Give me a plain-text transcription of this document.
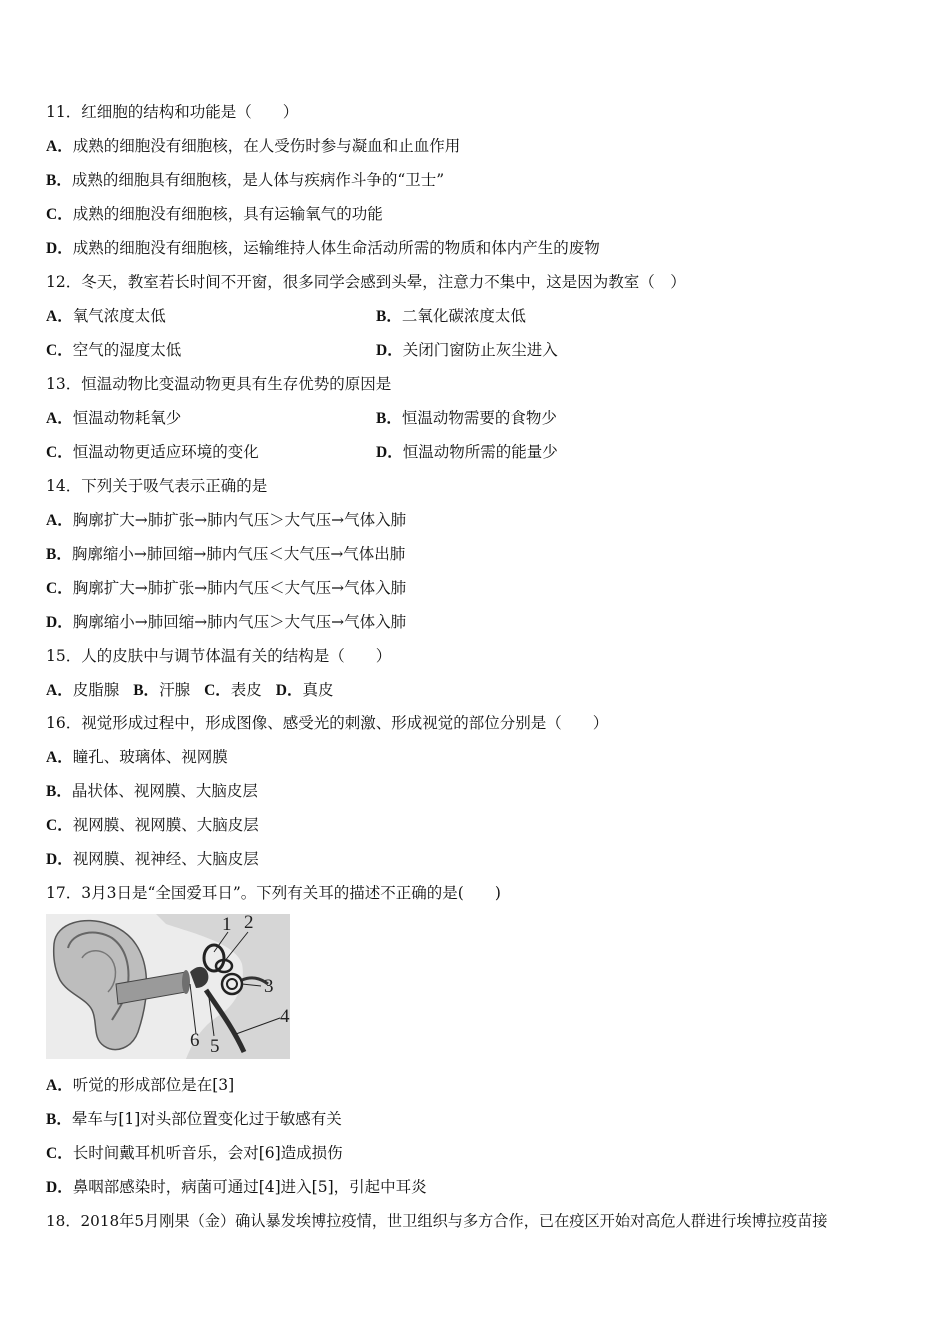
11．红细胞的结构和功能是（　　）
A．成熟的细胞没有细胞核，在人受伤时参与凝血和止血作用
B．成熟的细胞具有细胞核，是人体与疾病作斗争的“卫士”
C．成熟的细胞没有细胞核，具有运输氧气的功能
D．成熟的细胞没有细胞核，运输维持人体生命活动所需的物质和体内产生的废物
12．冬天，教室若长时间不开窗，很多同学会感到头晕，注意力不集中，这是因为教室（　）
A．氧气浓度太低	B．二氧化碳浓度太低
C．空气的湿度太低	D．关闭门窗防止灰尘进入
13．恒温动物比变温动物更具有生存优势的原因是
A．恒温动物耗氧少	B．恒温动物需要的食物少
C．恒温动物更适应环境的变化	D．恒温动物所需的能量少
14．下列关于吸气表示正确的是
A．胸廓扩大→肺扩张→肺内气压＞大气压→气体入肺
B．胸廓缩小→肺回缩→肺内气压＜大气压→气体出肺
C．胸廓扩大→肺扩张→肺内气压＜大气压→气体入肺
D．胸廓缩小→肺回缩→肺内气压＞大气压→气体入肺
15．人的皮肤中与调节体温有关的结构是（　　）
A．皮脂腺 B．汗腺 C．表皮 D．真皮
16．视觉形成过程中，形成图像、感受光的刺激、形成视觉的部位分别是（　　）
A．瞳孔、玻璃体、视网膜
B．晶状体、视网膜、大脑皮层
C．视网膜、视网膜、大脑皮层
D．视网膜、视神经、大脑皮层
17．3月3日是“全国爱耳日”。下列有关耳的描述不正确的是(　　)
1 2
3
4
5
6
A．听觉的形成部位是在[3]
B．晕车与[1]对头部位置变化过于敏感有关
C．长时间戴耳机听音乐，会对[6]造成损伤
D．鼻咽部感染时，病菌可通过[4]进入[5]，引起中耳炎
18．2018年5月刚果（金）确认暴发埃博拉疫情，世卫组织与多方合作，已在疫区开始对高危人群进行埃博拉疫苗接
